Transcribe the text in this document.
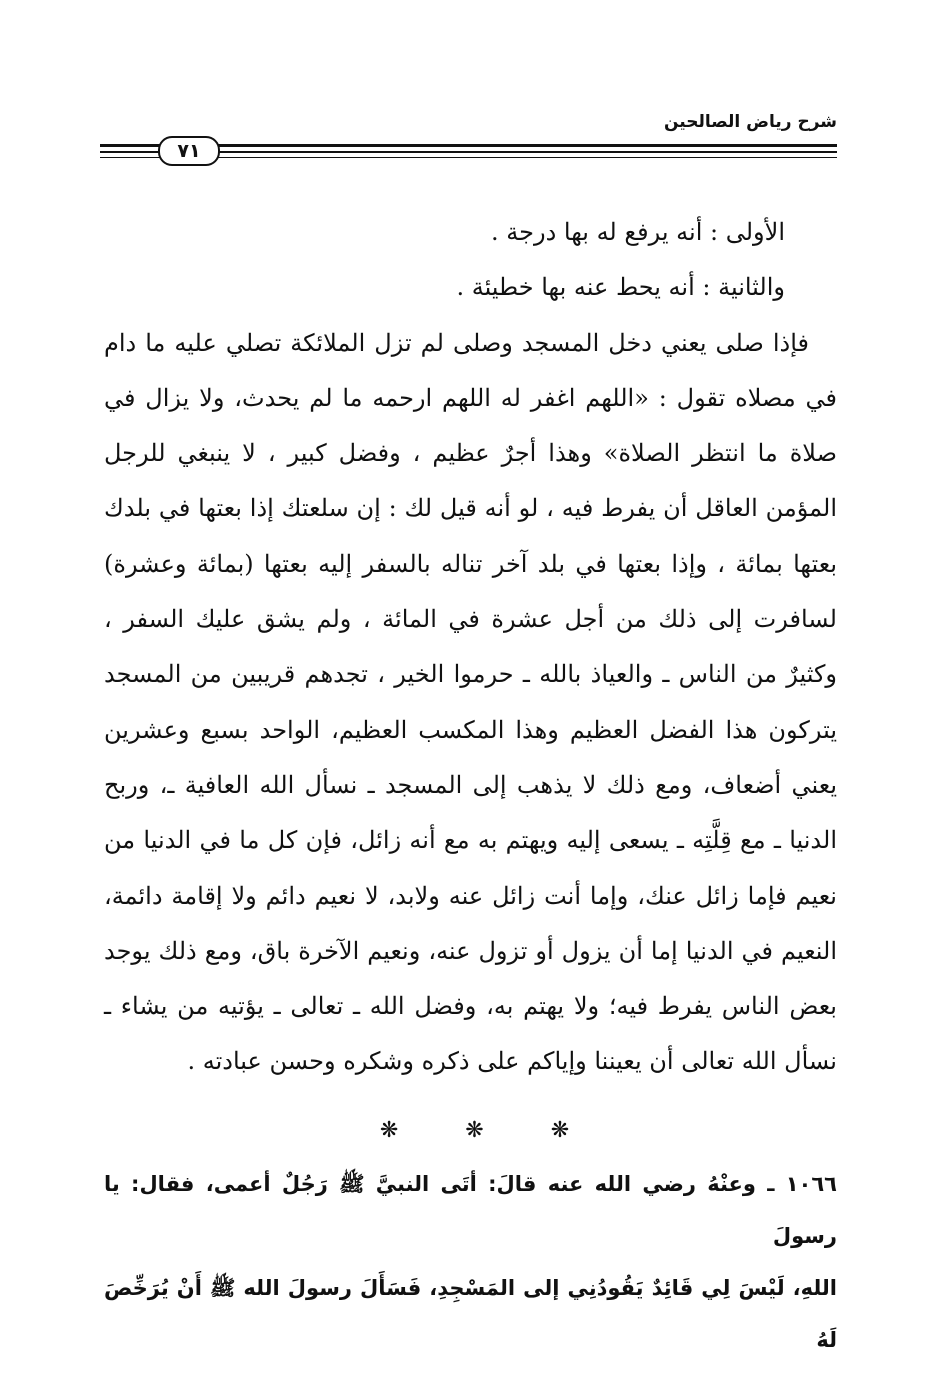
شرح رياض الصالحين
٧١

الأولى : أنه يرفع له بها درجة .

والثانية : أنه يحط عنه بها خطيئة .

فإذا صلى يعني دخل المسجد وصلى لم تزل الملائكة تصلي عليه ما دام في مصلاه تقول : «اللهم اغفر له اللهم ارحمه ما لم يحدث، ولا يزال في صلاة ما انتظر الصلاة» وهذا أجرٌ عظيم ، وفضل كبير ، لا ينبغي للرجل المؤمن العاقل أن يفرط فيه ، لو أنه قيل لك : إن سلعتك إذا بعتها في بلدك بعتها بمائة ، وإذا بعتها في بلد آخر تناله بالسفر إليه بعتها (بمائة وعشرة) لسافرت إلى ذلك من أجل عشرة في المائة ، ولم يشق عليك السفر ، وكثيرٌ من الناس ـ والعياذ بالله ـ حرموا الخير ، تجدهم قريبين من المسجد يتركون هذا الفضل العظيم وهذا المكسب العظيم، الواحد بسبع وعشرين يعني أضعاف، ومع ذلك لا يذهب إلى المسجد ـ نسأل الله العافية ـ، وربح الدنيا ـ مع قِلَّتِه ـ يسعى إليه ويهتم به مع أنه زائل، فإن كل ما في الدنيا من نعيم فإما زائل عنك، وإما أنت زائل عنه ولابد، لا نعيم دائم ولا إقامة دائمة، النعيم في الدنيا إما أن يزول أو تزول عنه، ونعيم الآخرة باق، ومع ذلك يوجد بعض الناس يفرط فيه؛ ولا يهتم به، وفضل الله ـ تعالى ـ يؤتيه من يشاء ـ نسأل الله تعالى أن يعيننا وإياكم على ذكره وشكره وحسن عبادته .

❋	❋	❋

١٠٦٦ ـ وعنْهُ رضي الله عنه قالَ: أتَى النبيَّ ﷺ رَجُلٌ أعمى، فقال: يا رسولَ

اللهِ، لَيْسَ لِي قَائِدٌ يَقُودُنِي إلى المَسْجِدِ، فَسَأَلَ رسولَ الله ﷺ أَنْ يُرَخِّصَ لَهُ
